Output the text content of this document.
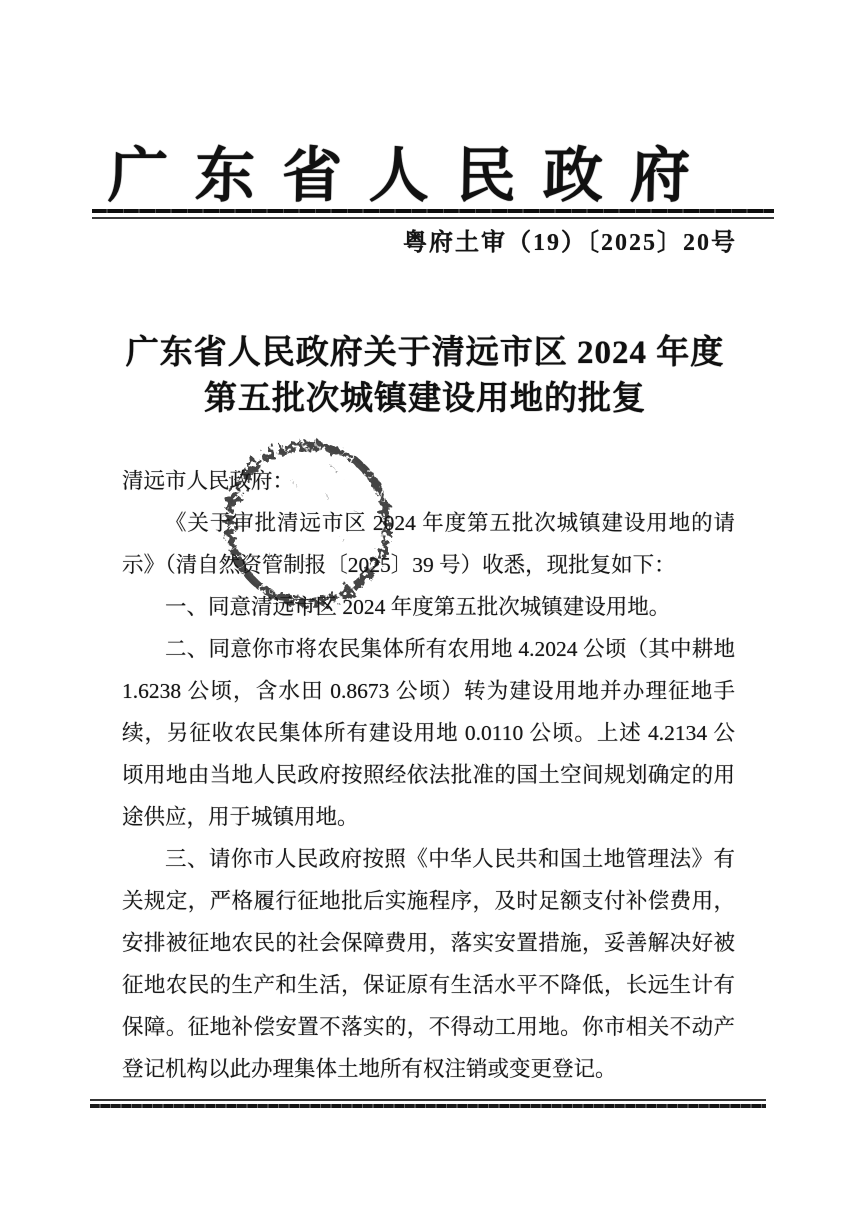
广东省人民政府
粤府土审（19）〔2025〕20号
广东省人民政府关于清远市区 2024 年度
第五批次城镇建设用地的批复
清远市人民政府：
《关于审批清远市区 2024 年度第五批次城镇建设用地的请
示》（清自然资管制报〔2025〕39 号）收悉，现批复如下：
一、同意清远市区 2024 年度第五批次城镇建设用地。
二、同意你市将农民集体所有农用地 4.2024 公顷（其中耕地
1.6238 公顷，含水田 0.8673 公顷）转为建设用地并办理征地手
续，另征收农民集体所有建设用地 0.0110 公顷。上述 4.2134 公
顷用地由当地人民政府按照经依法批准的国土空间规划确定的用
途供应，用于城镇用地。
三、请你市人民政府按照《中华人民共和国土地管理法》有
关规定，严格履行征地批后实施程序，及时足额支付补偿费用，
安排被征地农民的社会保障费用，落实安置措施，妥善解决好被
征地农民的生产和生活，保证原有生活水平不降低，长远生计有
保障。征地补偿安置不落实的，不得动工用地。你市相关不动产
登记机构以此办理集体土地所有权注销或变更登记。
